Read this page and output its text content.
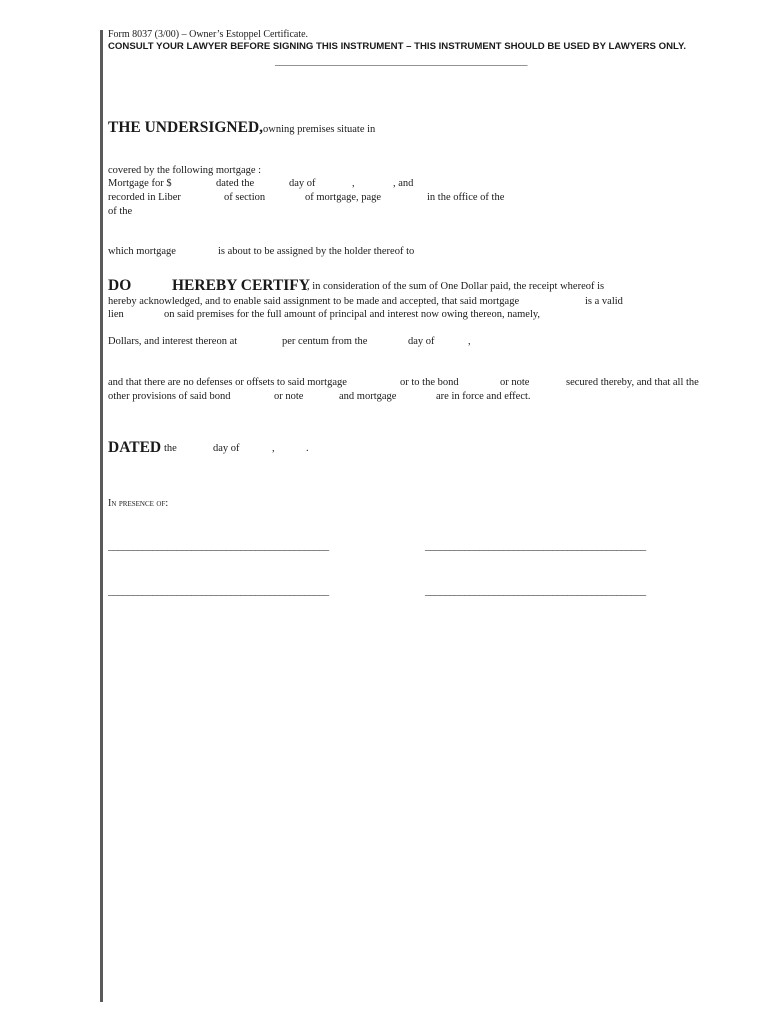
Form 8037 (3/00) – Owner’s Estoppel Certificate.
CONSULT YOUR LAWYER BEFORE SIGNING THIS INSTRUMENT – THIS INSTRUMENT SHOULD BE USED BY LAWYERS ONLY.
_______________________________________________________________
THE UNDERSIGNED, owning premises situate in
covered by the following mortgage :
Mortgage for $	dated the	day of	,	, and
recorded in Liber	of section	of mortgage, page	in the office of the
of the
which mortgage	is about to be assigned by the holder thereof to
DO	HEREBY CERTIFY
, in consideration of the sum of One Dollar paid, the receipt whereof is
hereby acknowledged, and to enable said assignment to be made and accepted, that said mortgage	is a valid
lien	on said premises for the full amount of principal and interest now owing thereon, namely,
Dollars, and interest thereon at	per centum from the	day of	,
and that there are no defenses or offsets to said mortgage	or to the bond	or note	secured thereby, and that all the
other provisions of said bond	or note	and mortgage	are in force and effect.
DATED the	day of	,	.
In presence of:
_____________________________________________	_____________________________________________
_____________________________________________	_____________________________________________
